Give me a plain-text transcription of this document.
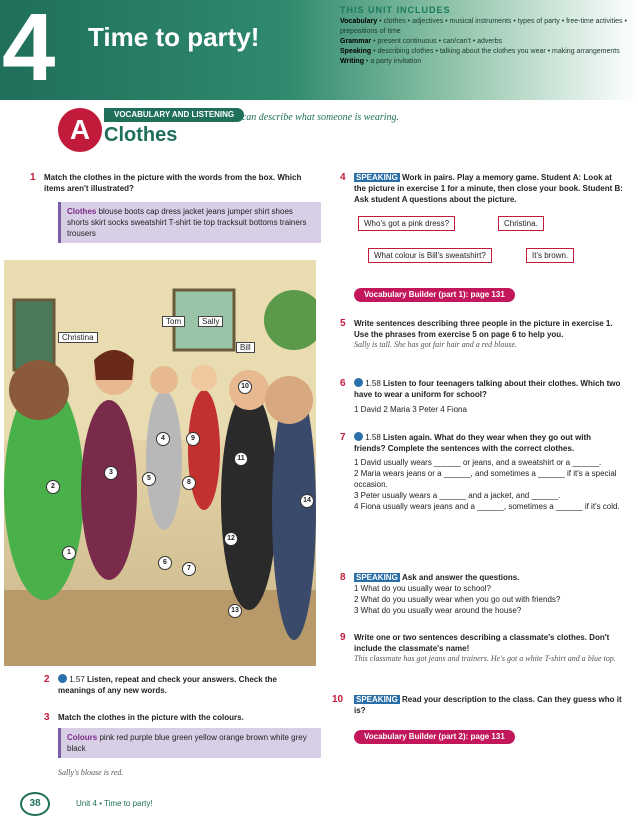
4	Time to party!
THIS UNIT INCLUDES
Vocabulary • clothes • adjectives • musical instruments • types of party • free-time activities • prepositions of time
Grammar • present continuous • can/can't • adverbs
Speaking • describing clothes • talking about the clothes you wear • making arrangements
Writing • a party invitation
A	VOCABULARY AND LISTENING
Clothes
I can describe what someone is wearing.
1 Match the clothes in the picture with the words from the box. Which items aren't illustrated?
Clothes blouse boots cap dress jacket jeans jumper shirt shoes shorts skirt socks sweatshirt T-shirt tie top tracksuit bottoms trainers trousers
Christina
Tom	Sally
Bill
1
2
3
4
5
6
7
8
9
10
11
12
13
14
2 1.57 Listen, repeat and check your answers. Check the meanings of any new words.
3 Match the clothes in the picture with the colours.
Colours pink red purple blue green yellow orange brown white grey black
Sally's blouse is red.
4 SPEAKING Work in pairs. Play a memory game. Student A: Look at the picture in exercise 1 for a minute, then close your book. Student B: Ask student A questions about the picture.
Who's got a pink dress?	Christina.
What colour is Bill's sweatshirt?	It's brown.
Vocabulary Builder (part 1): page 131
5 Write sentences describing three people in the picture in exercise 1. Use the phrases from exercise 5 on page 6 to help you.
Sally is tall. She has got fair hair and a red blouse.
6 1.58 Listen to four teenagers talking about their clothes. Which two have to wear a uniform for school?
1 David 2 Maria 3 Peter 4 Fiona
7 1.58 Listen again. What do they wear when they go out with friends? Complete the sentences with the correct clothes.
1 David usually wears ______ or jeans, and a sweatshirt or a ______.
2 Maria wears jeans or a ______, and sometimes a ______ if it's a special occasion.
3 Peter usually wears a ______ and a jacket, and ______.
4 Fiona usually wears jeans and a ______, sometimes a ______ if it's cold.
8 SPEAKING Ask and answer the questions.
1 What do you usually wear to school?
2 What do you usually wear when you go out with friends?
3 What do you usually wear around the house?
9 Write one or two sentences describing a classmate's clothes. Don't include the classmate's name!
This classmate has got jeans and trainers. He's got a white T-shirt and a blue top.
10 SPEAKING Read your description to the class. Can they guess who it is?
Vocabulary Builder (part 2): page 131
38	Unit 4 • Time to party!
